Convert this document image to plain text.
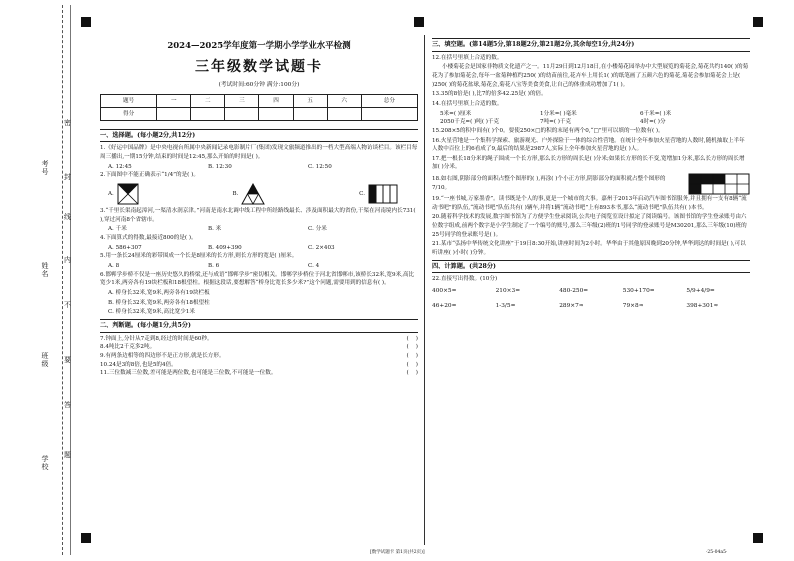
考号
姓名
班级
学校
密
封
线
内
不
要
答
题
2024—2025学年度第一学期小学学业水平检测
三年级数学试题卡
(考试时间:60分钟 满分:100分)
题号	一	二	三	四	五	六	总分
得分							
一、选择题。(每小题2分,共12分)

1.《好运中国品牌》是中央电视台所属中央新闻记录电影制片厂(集团)发现文旅频道推出的一档大型高端人物访谈栏目。该栏目每周三播出,一期15分钟,结束的时间是12:45,那么开始的时间是( )。

A. 12:45	B. 12:30	C. 12:50

2.下面图中不能正确表示“1/4”的是( )。

A.	B.	C.

3.“千里长渠南起漳河,一渠清水润京津。”河南是南水北调中线工程中所经路线最长、涉及面积最大的省份,干渠在河南境内长731( ),穿过河南8个省辖市。

A. 千米	B. 米	C. 分米

4.下面算式的得数,最接近800的是( )。

A. 586+307	B. 409+390	C. 2×403

5.用一条长24厘米的彩带围成一个长是8厘米的长方形,则长方形的宽是( )厘米。

A. 8	B. 6	C. 4

6.邯郸学步桥不仅是一座历史悠久的桥梁,还与成语“邯郸学步”密切相关。邯郸学步桥位于河北省邯郸市,该桥长32米,宽9米,高比宽少1米,两旁各有19块栏板和18根望柱。根据这段话,要想解答“桥身比宽长多少米?”这个问题,需要用到的信息有( )。

A. 桥身长32米,宽9米,两旁各有19块栏板

B. 桥身长32米,宽9米,两旁各有18根望柱

C. 桥身长32米,宽9米,高比宽少1米

二、判断题。(每小题1分,共5分)
7.钟面上,分针从7走到8,经过的时间是60秒。	(    )
8.4吨比2千克多2吨。	(    )
9.有两条边相等的四边形不是正方形,就是长方形。	(    )
10.24是3的8倍,也是5的4倍。	(    )
11.三位数减三位数,差可能是两位数,也可能是三位数,不可能是一位数。	(    )
三、填空题。(第14题5分,第18题2分,第21题2分,其余每空1分,共24分)

12.在括号里填上合适的数。

小楼菊花会是国家非物质文化遗产之一。11月29日到12月18日,在小楼菊花园举办中大型展览的菊花会,菊花共约140( )的菊花为了参加菊花会,每年一盆菊种植约250( )的幼苗前往,花卉车上用长1( )的纸笔画了五颜六色的菊花,菊花会参加菊花会上是( )250( )的菊花盆球,菊花会,菊花八宝等美食美食,让自己的体重成功增加了1( )。

13.35的8倍是( ),比7的倍多42.25是( )的倍。

14.在括号里填上合适的数。

5米=( )厘米	1分米=( )毫米	6千米=( )米
2050千克=( )吨( )千克	7吨=( )千克	4时=( )分

15.208×5的积中间有( )个0。要使250×□的积的末尾有两个0,“□”里可以填的一位数有( )。

16.火星营地是一个集科学探索、旅游观光、户外探险于一体的综合性营地。在统计全年参加火星营地的人数时,随机抽取上半年人数中百位上的6看成了9,最后的结果是2987人,实际上全年参加火星营地的是( )人。

17.把一根长18分米的绳子围成一个长方形,那么长方形的周长是( )分米;如果长方形的长不变,宽增加1分米,那么长方形的周长增加( )分米。

18.如右图,阴影部分的面积占整个图形的( ),再涂( )个小正方形,阴影部分的面积就占整个图形的7/10。

19.“一座书城,万家墨香”。读书既是个人的事,更是一个城市的大事。嘉州于2013年启动汽车图书馆服务,并且拥有一支有8辆“流动书吧”的队伍,“流动书吧”队伍共有( )辆车,并将1辆“流动书吧”上有893本书,那么“流动书吧”队伍共有( )本书。

20.随着科学技术的发展,数字图书馆为了方便学生登录阅读,公共电子阅览室设计拟定了阅读编号。该图书馆的学生登录账号由六位数字组成,前两个数字是小学生制定了一个编号的账号,那么三年级(2)班的1号同学的登录账号是M30201,那么三年级(10)班的25号同学的登录账号是( )。

21.某市“弘扬中华传统文化讲座”于19日8:30开始,讲座时间为2小时。华华由于其他原因晚到20分钟,华华到达的时间是( ),可以听讲座( )小时( )分钟。

四、计算题。(共28分)

22.直接写出得数。(10分)

400×5=	210×3=	480-250=	530+170=	5/9+4/9=
46+20=	1-3/5=	289×7≈	79×8≈	398+301≈
[数学试题卡 第1页(共2页)]	·25-04a5·
